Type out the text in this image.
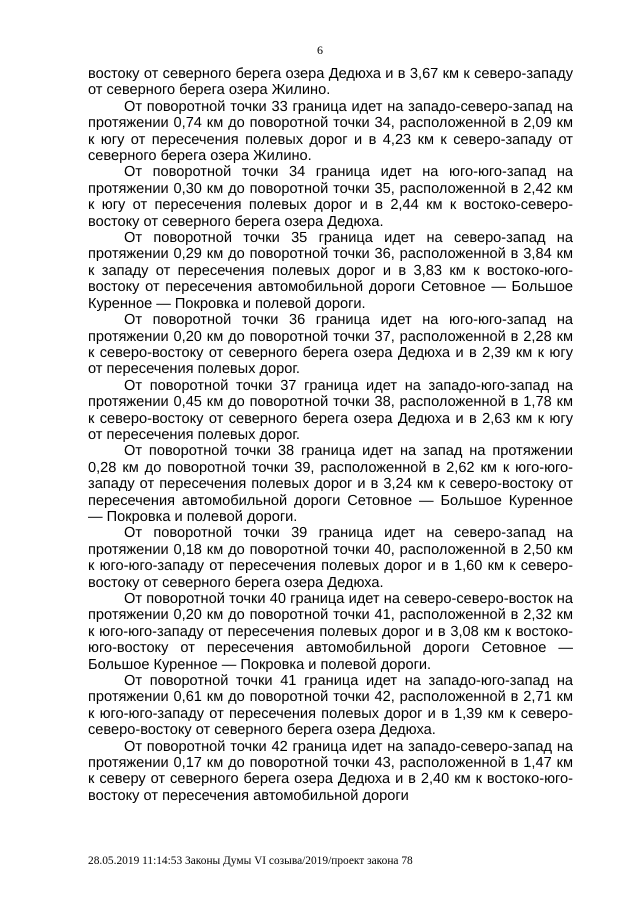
6

востоку от северного берега озера Дедюха и в 3,67 км к северо-западу от северного берега озера Жилино.

От поворотной точки 33 граница идет на западо-северо-запад на протяжении 0,74 км до поворотной точки 34, расположенной в 2,09 км к югу от пересечения полевых дорог и в 4,23 км к северо-западу от северного берега озера Жилино.

От поворотной точки 34 граница идет на юго-юго-запад на протяжении 0,30 км до поворотной точки 35, расположенной в 2,42 км к югу от пересечения полевых дорог и в 2,44 км к востоко-северо-востоку от северного берега озера Дедюха.

От поворотной точки 35 граница идет на северо-запад на протяжении 0,29 км до поворотной точки 36, расположенной в 3,84 км к западу от пересечения полевых дорог и в 3,83 км к востоко-юго-востоку от пересечения автомобильной дороги Сетовное — Большое Куренное — Покровка и полевой дороги.

От поворотной точки 36 граница идет на юго-юго-запад на протяжении 0,20 км до поворотной точки 37, расположенной в 2,28 км к северо-востоку от северного берега озера Дедюха и в 2,39 км к югу от пересечения полевых дорог.

От поворотной точки 37 граница идет на западо-юго-запад на протяжении 0,45 км до поворотной точки 38, расположенной в 1,78 км к северо-востоку от северного берега озера Дедюха и в 2,63 км к югу от пересечения полевых дорог.

От поворотной точки 38 граница идет на запад на протяжении 0,28 км до поворотной точки 39, расположенной в 2,62 км к юго-юго-западу от пересечения полевых дорог и в 3,24 км к северо-востоку от пересечения автомобильной дороги Сетовное — Большое Куренное — Покровка и полевой дороги.

От поворотной точки 39 граница идет на северо-запад на протяжении 0,18 км до поворотной точки 40, расположенной в 2,50 км к юго-юго-западу от пересечения полевых дорог и в 1,60 км к северо-востоку от северного берега озера Дедюха.

От поворотной точки 40 граница идет на северо-северо-восток на протяжении 0,20 км до поворотной точки 41, расположенной в 2,32 км к юго-юго-западу от пересечения полевых дорог и в 3,08 км к востоко-юго-востоку от пересечения автомобильной дороги Сетовное — Большое Куренное — Покровка и полевой дороги.

От поворотной точки 41 граница идет на западо-юго-запад на протяжении 0,61 км до поворотной точки 42, расположенной в 2,71 км к юго-юго-западу от пересечения полевых дорог и в 1,39 км к северо-северо-востоку от северного берега озера Дедюха.

От поворотной точки 42 граница идет на западо-северо-запад на протяжении 0,17 км до поворотной точки 43, расположенной в 1,47 км к северу от северного берега озера Дедюха и в 2,40 км к востоко-юго-востоку от пересечения автомобильной дороги

28.05.2019 11:14:53 Законы Думы VI созыва/2019/проект закона 78
